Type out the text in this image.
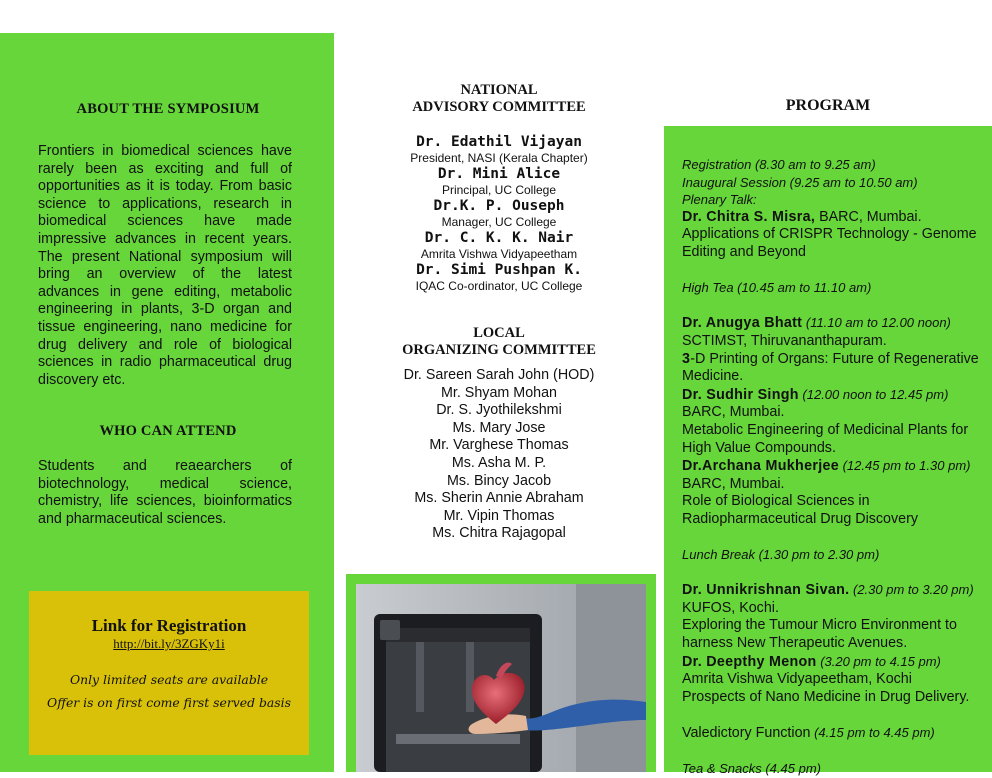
ABOUT THE SYMPOSIUM
Frontiers in biomedical sciences have rarely been as exciting and full of opportunities as it is today. From basic science to applications, research in biomedical sciences have made impressive advances in recent years. The present National symposium will bring an overview of the latest advances in gene editing, metabolic engineering in plants, 3-D organ and tissue engineering, nano medicine for drug delivery and role of biological sciences in radio pharmaceutical drug discovery etc.
WHO CAN ATTEND
Students and reaearchers of biotechnology, medical science, chemistry, life sciences, bioinformatics and pharmaceutical sciences.
Link for Registration
http://bit.ly/3ZGKy1i
Only limited seats are available
Offer is on first come first served basis
NATIONAL
ADVISORY COMMITTEE
Dr. Edathil Vijayan
President, NASI (Kerala Chapter)
Dr. Mini Alice
Principal, UC College
Dr.K. P. Ouseph
Manager, UC College
Dr. C. K. K. Nair
Amrita Vishwa Vidyapeetham
Dr. Simi Pushpan K.
IQAC Co-ordinator, UC College
LOCAL
ORGANIZING COMMITTEE
Dr. Sareen Sarah John (HOD)
Mr. Shyam Mohan
Dr. S. Jyothilekshmi
Ms. Mary Jose
Mr. Varghese Thomas
Ms. Asha M. P.
Ms. Bincy Jacob
Ms. Sherin Annie Abraham
Mr. Vipin Thomas
Ms. Chitra Rajagopal
PROGRAM
Registration (8.30 am to 9.25 am)
Inaugural Session (9.25 am to 10.50 am)
Plenary Talk:
Dr. Chitra S. Misra, BARC, Mumbai.
Applications of CRISPR Technology - Genome Editing and Beyond
High Tea (10.45 am to 11.10 am)
Dr. Anugya Bhatt (11.10 am to 12.00 noon)
SCTIMST, Thiruvananthapuram.
3-D Printing of Organs: Future of Regenerative Medicine.
Dr. Sudhir Singh (12.00 noon to 12.45 pm)
BARC, Mumbai.
Metabolic Engineering of Medicinal Plants for High Value Compounds.
Dr.Archana Mukherjee (12.45 pm to 1.30 pm)
BARC, Mumbai.
Role of Biological Sciences in Radiopharmaceutical Drug Discovery
Lunch Break (1.30 pm to 2.30 pm)
Dr. Unnikrishnan Sivan. (2.30 pm to 3.20 pm)
KUFOS, Kochi.
Exploring the Tumour Micro Environment to harness New Therapeutic Avenues.
Dr. Deepthy Menon (3.20 pm to 4.15 pm)
Amrita Vishwa Vidyapeetham, Kochi
Prospects of Nano Medicine in Drug Delivery.
Valedictory Function (4.15 pm to 4.45 pm)
Tea & Snacks (4.45 pm)
